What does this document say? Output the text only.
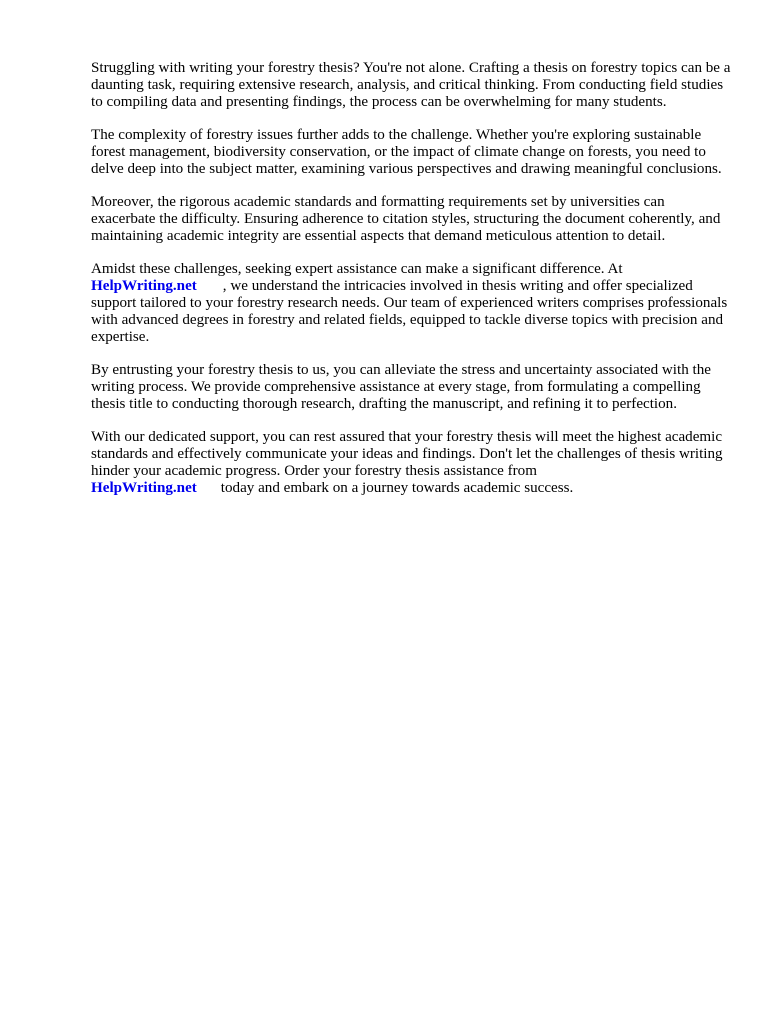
Struggling with writing your forestry thesis? You're not alone. Crafting a thesis on forestry topics can be a daunting task, requiring extensive research, analysis, and critical thinking. From conducting field studies to compiling data and presenting findings, the process can be overwhelming for many students.

The complexity of forestry issues further adds to the challenge. Whether you're exploring sustainable forest management, biodiversity conservation, or the impact of climate change on forests, you need to delve deep into the subject matter, examining various perspectives and drawing meaningful conclusions.

Moreover, the rigorous academic standards and formatting requirements set by universities can exacerbate the difficulty. Ensuring adherence to citation styles, structuring the document coherently, and maintaining academic integrity are essential aspects that demand meticulous attention to detail.

Amidst these challenges, seeking expert assistance can make a significant difference. At
HelpWriting.net , we understand the intricacies involved in thesis writing and offer specialized support tailored to your forestry research needs. Our team of experienced writers comprises professionals with advanced degrees in forestry and related fields, equipped to tackle diverse topics with precision and expertise.

By entrusting your forestry thesis to us, you can alleviate the stress and uncertainty associated with the writing process. We provide comprehensive assistance at every stage, from formulating a compelling thesis title to conducting thorough research, drafting the manuscript, and refining it to perfection.

With our dedicated support, you can rest assured that your forestry thesis will meet the highest academic standards and effectively communicate your ideas and findings. Don't let the challenges of thesis writing hinder your academic progress. Order your forestry thesis assistance from
HelpWriting.net today and embark on a journey towards academic success.
